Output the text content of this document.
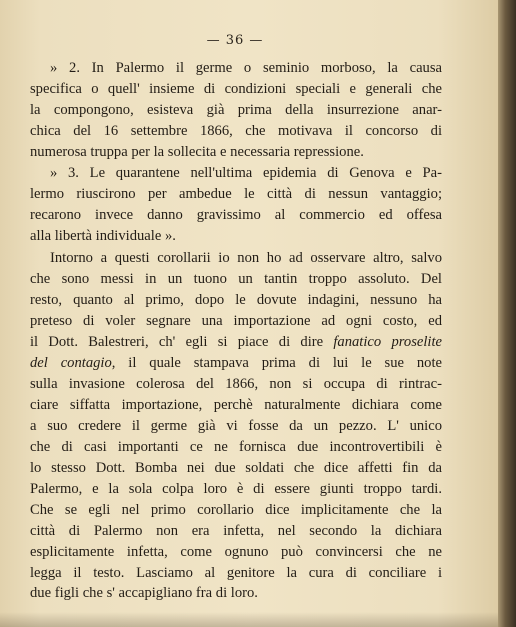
— 36 —
» 2. In Palermo il germe o seminio morboso, la causa
specifica o quell' insieme di condizioni speciali e generali che
la compongono, esisteva già prima della insurrezione anar-
chica del 16 settembre 1866, che motivava il concorso di
numerosa truppa per la sollecita e necessaria repressione.
» 3. Le quarantene nell'ultima epidemia di Genova e Pa-
lermo riuscirono per ambedue le città di nessun vantaggio;
recarono invece danno gravissimo al commercio ed offesa
alla libertà individuale ».
Intorno a questi corollarii io non ho ad osservare altro, salvo
che sono messi in un tuono un tantin troppo assoluto. Del
resto, quanto al primo, dopo le dovute indagini, nessuno ha
preteso di voler segnare una importazione ad ogni costo, ed
il Dott. Balestreri, ch' egli si piace di dire fanatico proselite
del contagio, il quale stampava prima di lui le sue note
sulla invasione colerosa del 1866, non si occupa di rintrac-
ciare siffatta importazione, perchè naturalmente dichiara come
a suo credere il germe già vi fosse da un pezzo. L' unico
che di casi importanti ce ne fornisca due incontrovertibili è
lo stesso Dott. Bomba nei due soldati che dice affetti fin da
Palermo, e la sola colpa loro è di essere giunti troppo tardi.
Che se egli nel primo corollario dice implicitamente che la
città di Palermo non era infetta, nel secondo la dichiara
esplicitamente infetta, come ognuno può convincersi che ne
legga il testo. Lasciamo al genitore la cura di conciliare i
due figli che s' accapigliano fra di loro.
